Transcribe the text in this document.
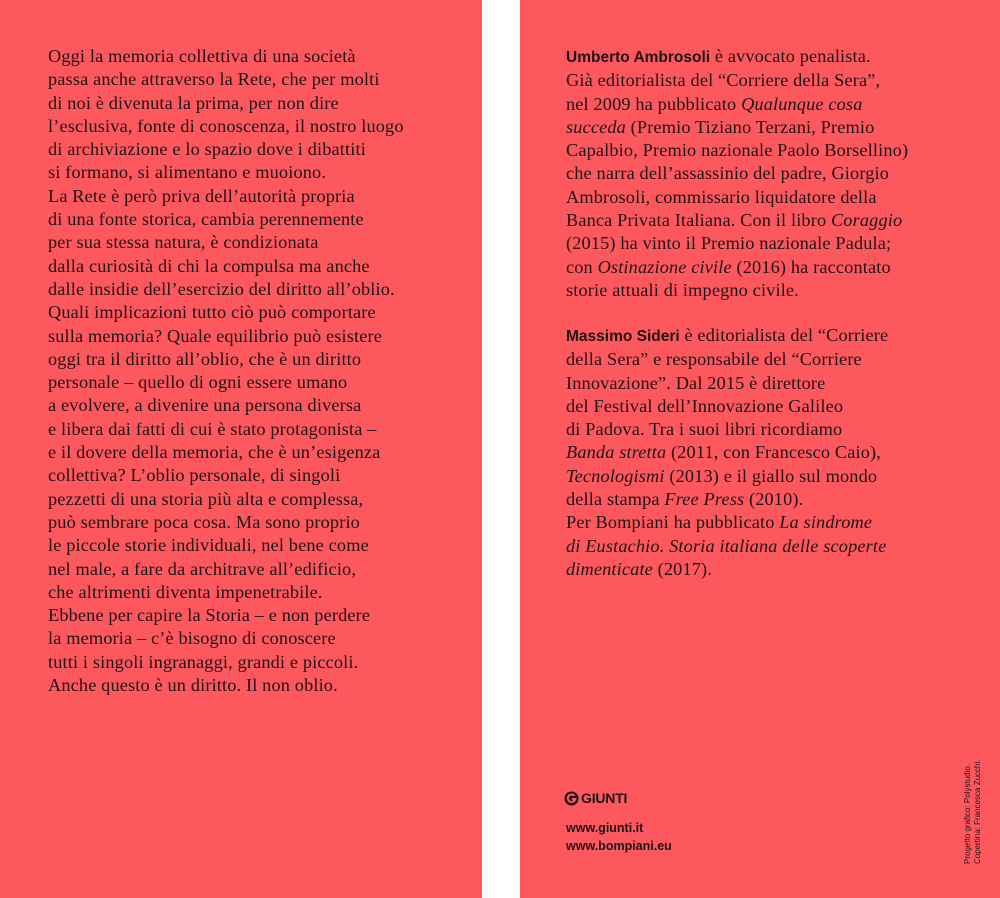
Oggi la memoria collettiva di una società
passa anche attraverso la Rete, che per molti
di noi è divenuta la prima, per non dire
l’esclusiva, fonte di conoscenza, il nostro luogo
di archiviazione e lo spazio dove i dibattiti
si formano, si alimentano e muoiono.
La Rete è però priva dell’autorità propria
di una fonte storica, cambia perennemente
per sua stessa natura, è condizionata
dalla curiosità di chi la compulsa ma anche
dalle insidie dell’esercizio del diritto all’oblio.
Quali implicazioni tutto ciò può comportare
sulla memoria? Quale equilibrio può esistere
oggi tra il diritto all’oblio, che è un diritto
personale – quello di ogni essere umano
a evolvere, a divenire una persona diversa
e libera dai fatti di cui è stato protagonista –
e il dovere della memoria, che è un’esigenza
collettiva? L’oblio personale, di singoli
pezzetti di una storia più alta e complessa,
può sembrare poca cosa. Ma sono proprio
le piccole storie individuali, nel bene come
nel male, a fare da architrave all’edificio,
che altrimenti diventa impenetrabile.
Ebbene per capire la Storia – e non perdere
la memoria – c’è bisogno di conoscere
tutti i singoli ingranaggi, grandi e piccoli.
Anche questo è un diritto. Il non oblio.
Umberto Ambrosoli è avvocato penalista.
Già editorialista del “Corriere della Sera”,
nel 2009 ha pubblicato Qualunque cosa
succeda (Premio Tiziano Terzani, Premio
Capalbio, Premio nazionale Paolo Borsellino)
che narra dell’assassinio del padre, Giorgio
Ambrosoli, commissario liquidatore della
Banca Privata Italiana. Con il libro Coraggio
(2015) ha vinto il Premio nazionale Padula;
con Ostinazione civile (2016) ha raccontato
storie attuali di impegno civile.
Massimo Sideri è editorialista del “Corriere
della Sera” e responsabile del “Corriere
Innovazione”. Dal 2015 è direttore
del Festival dell’Innovazione Galileo
di Padova. Tra i suoi libri ricordiamo
Banda stretta (2011, con Francesco Caio),
Tecnologismi (2013) e il giallo sul mondo
della stampa Free Press (2010).
Per Bompiani ha pubblicato La sindrome
di Eustachio. Storia italiana delle scoperte
dimenticate (2017).
GIUNTI
www.giunti.it
www.bompiani.eu	Progetto grafico: Polystudio. Copertina: Francesca Zucchi.
